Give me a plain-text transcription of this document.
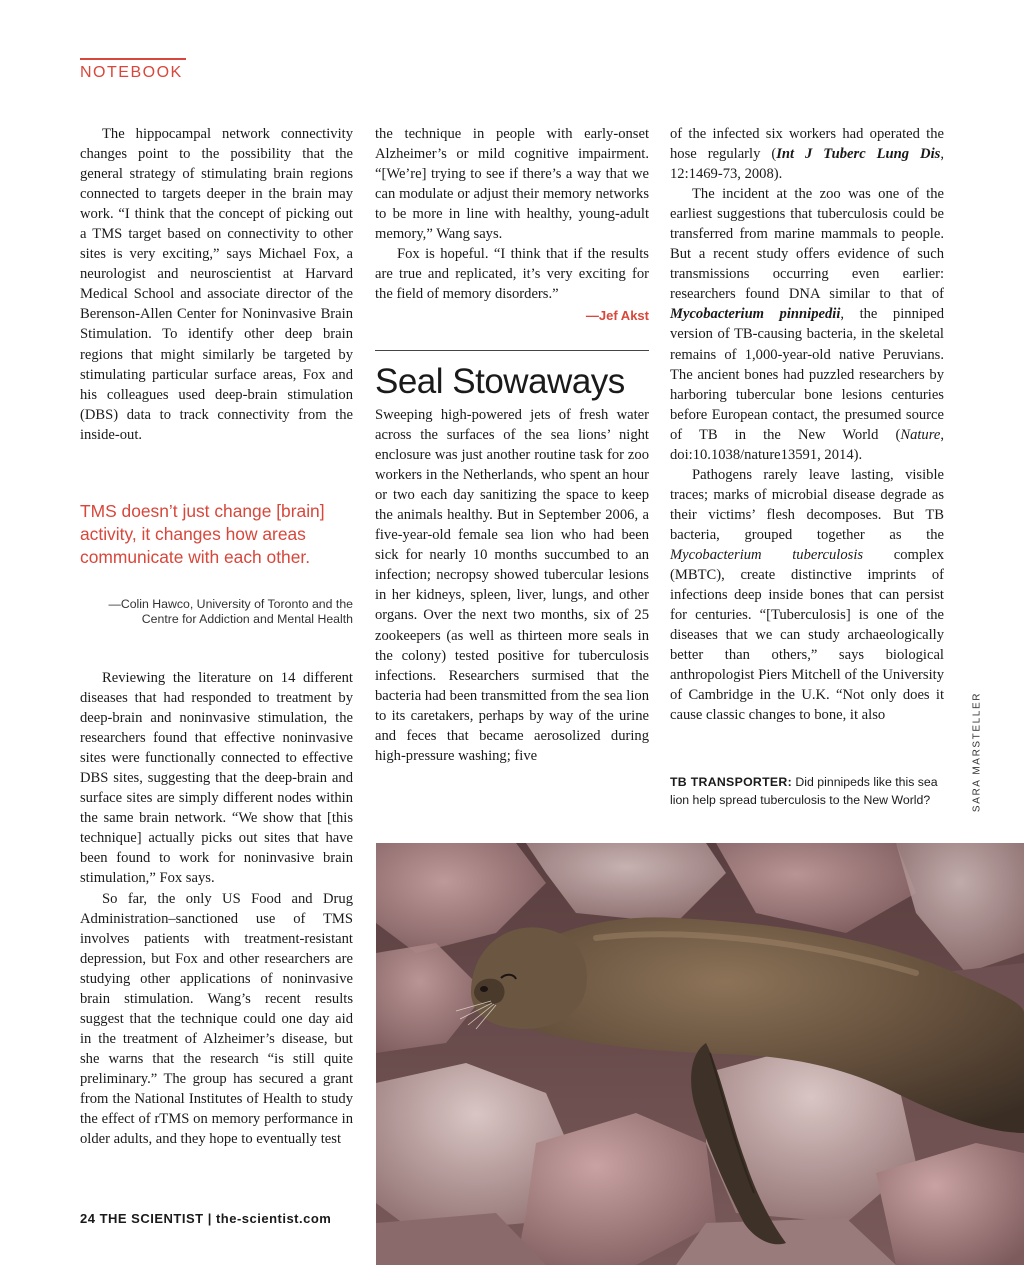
NOTEBOOK

The hippocampal network connectivity changes point to the possibility that the general strategy of stimulating brain regions connected to targets deeper in the brain may work. “I think that the concept of picking out a TMS target based on connectivity to other sites is very exciting,” says Michael Fox, a neurologist and neuroscientist at Harvard Medical School and associate director of the Berenson-Allen Center for Noninvasive Brain Stimulation. To identify other deep brain regions that might similarly be targeted by stimulating particular surface areas, Fox and his colleagues used deep-brain stimulation (DBS) data to track connectivity from the inside-out.

TMS doesn’t just change [brain] activity, it changes how areas communicate with each other.
—Colin Hawco, University of Toronto and the
Centre for Addiction and Mental Health

Reviewing the literature on 14 different diseases that had responded to treatment by deep-brain and noninvasive stimulation, the researchers found that effective noninvasive sites were functionally connected to effective DBS sites, suggesting that the deep-brain and surface sites are simply different nodes within the same brain network. “We show that [this technique] actually picks out sites that have been found to work for noninvasive brain stimulation,” Fox says.

So far, the only US Food and Drug Administration–sanctioned use of TMS involves patients with treatment-resistant depression, but Fox and other researchers are studying other applications of noninvasive brain stimulation. Wang’s recent results suggest that the technique could one day aid in the treatment of Alzheimer’s disease, but she warns that the research “is still quite preliminary.” The group has secured a grant from the National Institutes of Health to study the effect of rTMS on memory performance in older adults, and they hope to eventually test

the technique in people with early-onset Alzheimer’s or mild cognitive impairment. “[We’re] trying to see if there’s a way that we can modulate or adjust their memory networks to be more in line with healthy, young-adult memory,” Wang says.

Fox is hopeful. “I think that if the results are true and replicated, it’s very exciting for the field of memory disorders.”

—Jef Akst
Seal Stowaways

Sweeping high-powered jets of fresh water across the surfaces of the sea lions’ night enclosure was just another routine task for zoo workers in the Netherlands, who spent an hour or two each day sanitizing the space to keep the animals healthy. But in September 2006, a five-year-old female sea lion who had been sick for nearly 10 months succumbed to an infection; necropsy showed tubercular lesions in her kidneys, spleen, liver, lungs, and other organs. Over the next two months, six of 25 zookeepers (as well as thirteen more seals in the colony) tested positive for tuberculosis infections. Researchers surmised that the bacteria had been transmitted from the sea lion to its caretakers, perhaps by way of the urine and feces that became aerosolized during high-pressure washing; five

of the infected six workers had operated the hose regularly (Int J Tuberc Lung Dis, 12:1469-73, 2008).

The incident at the zoo was one of the earliest suggestions that tuberculosis could be transferred from marine mammals to people. But a recent study offers evidence of such transmissions occurring even earlier: researchers found DNA similar to that of Mycobacterium pinnipedii, the pinniped version of TB-causing bacteria, in the skeletal remains of 1,000-year-old native Peruvians. The ancient bones had puzzled researchers by harboring tubercular bone lesions centuries before European contact, the presumed source of TB in the New World (Nature, doi:10.1038/nature13591, 2014).

Pathogens rarely leave lasting, visible traces; marks of microbial disease degrade as their victims’ flesh decomposes. But TB bacteria, grouped together as the Mycobacterium tuberculosis complex (MBTC), create distinctive imprints of infections deep inside bones that can persist for centuries. “[Tuberculosis] is one of the diseases that we can study archaeologically better than others,” says biological anthropologist Piers Mitchell of the University of Cambridge in the U.K. “Not only does it cause classic changes to bone, it also

TB TRANSPORTER: Did pinnipeds like this sea lion help spread tuberculosis to the New World?	SARA MARSTELLER
24 THE SCIENTIST | the-scientist.com
